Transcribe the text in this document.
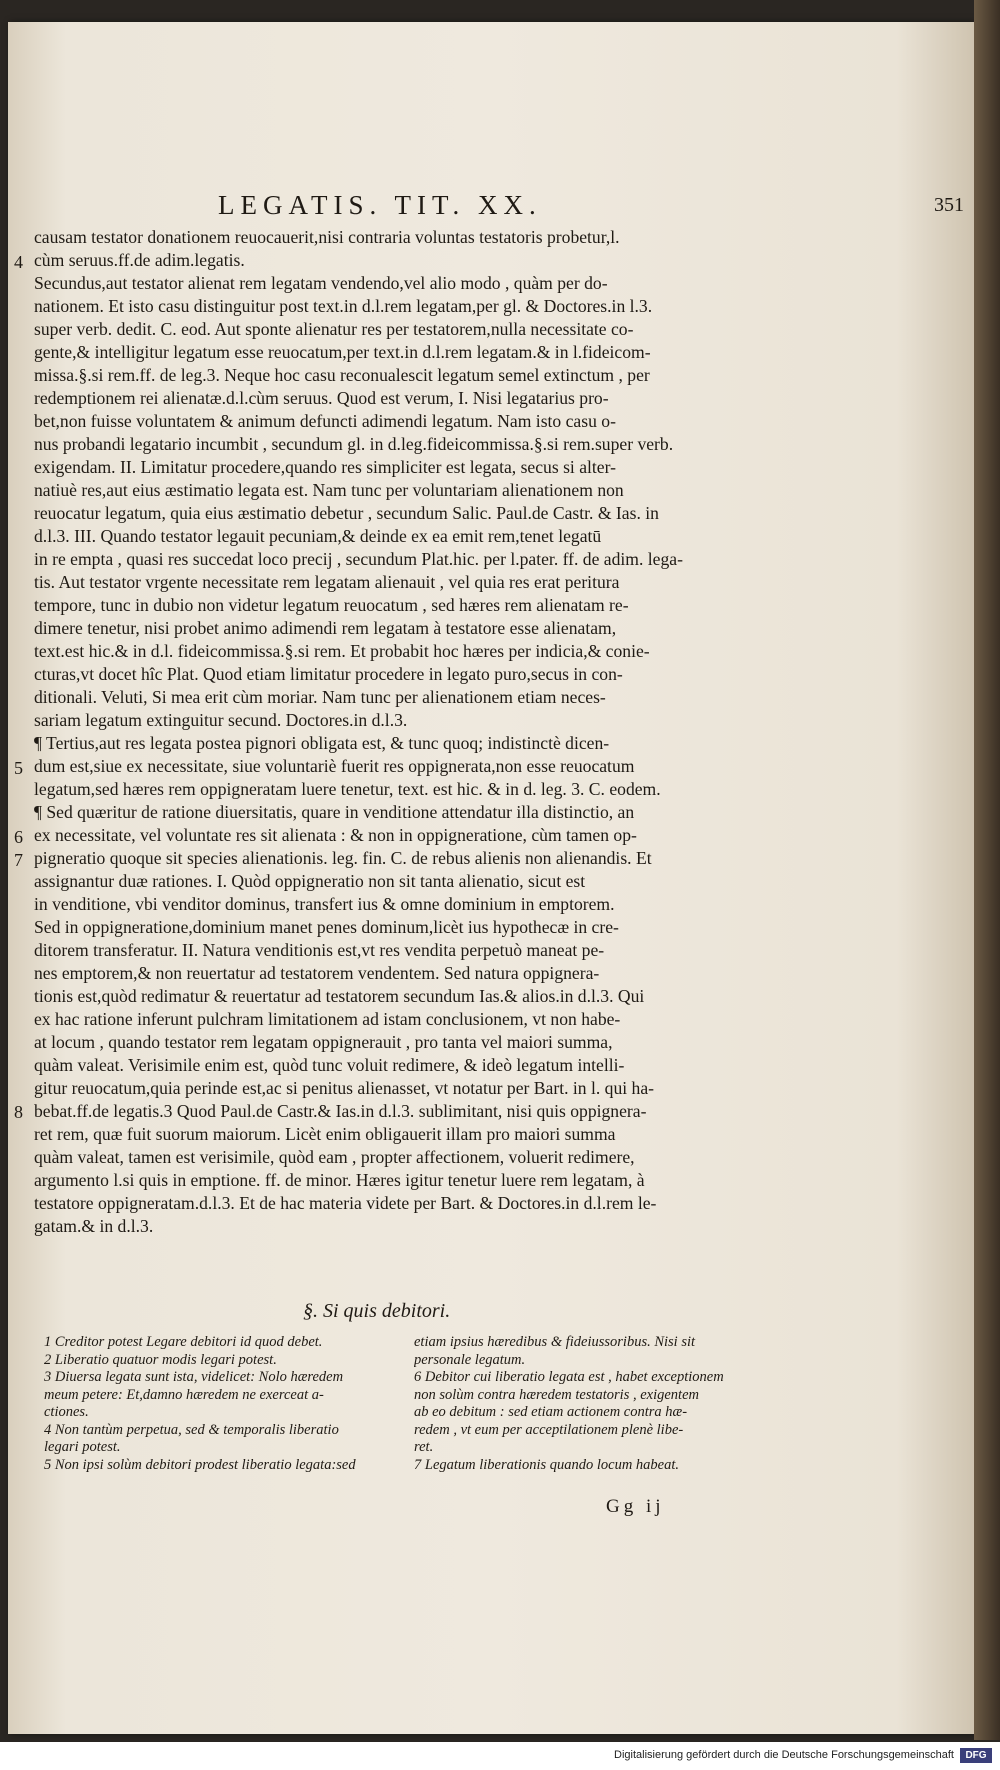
LEGATIS. TIT. XX.	351
4
5
6
7
8
causam testator donationem reuocauerit,nisi contraria voluntas testatoris probetur,l.
cùm seruus.ff.de adim.legatis.
Secundus,aut testator alienat rem legatam vendendo,vel alio modo , quàm per do-
nationem. Et isto casu distinguitur post text.in d.l.rem legatam,per gl. & Doctores.in l.3.
super verb. dedit. C. eod. Aut sponte alienatur res per testatorem,nulla necessitate co-
gente,& intelligitur legatum esse reuocatum,per text.in d.l.rem legatam.& in l.fideicom-
missa.§.si rem.ff. de leg.3. Neque hoc casu reconualescit legatum semel extinctum , per
redemptionem rei alienatæ.d.l.cùm seruus. Quod est verum, I. Nisi legatarius pro-
bet,non fuisse voluntatem & animum defuncti adimendi legatum. Nam isto casu o-
nus probandi legatario incumbit , secundum gl. in d.leg.fideicommissa.§.si rem.super verb.
exigendam. II. Limitatur procedere,quando res simpliciter est legata, secus si alter-
natiuè res,aut eius æstimatio legata est. Nam tunc per voluntariam alienationem non
reuocatur legatum, quia eius æstimatio debetur , secundum Salic. Paul.de Castr. & Ias. in
d.l.3. III. Quando testator legauit pecuniam,& deinde ex ea emit rem,tenet legatū
in re empta , quasi res succedat loco precij , secundum Plat.hic. per l.pater. ff. de adim. lega-
tis. Aut testator vrgente necessitate rem legatam alienauit , vel quia res erat peritura
tempore, tunc in dubio non videtur legatum reuocatum , sed hæres rem alienatam re-
dimere tenetur, nisi probet animo adimendi rem legatam à testatore esse alienatam,
text.est hic.& in d.l. fideicommissa.§.si rem. Et probabit hoc hæres per indicia,& conie-
cturas,vt docet hîc Plat. Quod etiam limitatur procedere in legato puro,secus in con-
ditionali. Veluti, Si mea erit cùm moriar. Nam tunc per alienationem etiam neces-
sariam legatum extinguitur secund. Doctores.in d.l.3.
¶ Tertius,aut res legata postea pignori obligata est, & tunc quoq; indistinctè dicen-
dum est,siue ex necessitate, siue voluntariè fuerit res oppignerata,non esse reuocatum
legatum,sed hæres rem oppigneratam luere tenetur, text. est hic. & in d. leg. 3. C. eodem.
¶ Sed quæritur de ratione diuersitatis, quare in venditione attendatur illa distinctio, an
ex necessitate, vel voluntate res sit alienata : & non in oppigneratione, cùm tamen op-
pigneratio quoque sit species alienationis. leg. fin. C. de rebus alienis non alienandis. Et
assignantur duæ rationes. I. Quòd oppigneratio non sit tanta alienatio, sicut est
in venditione, vbi venditor dominus, transfert ius & omne dominium in emptorem.
Sed in oppigneratione,dominium manet penes dominum,licèt ius hypothecæ in cre-
ditorem transferatur. II. Natura venditionis est,vt res vendita perpetuò maneat pe-
nes emptorem,& non reuertatur ad testatorem vendentem. Sed natura oppignera-
tionis est,quòd redimatur & reuertatur ad testatorem secundum Ias.& alios.in d.l.3. Qui
ex hac ratione inferunt pulchram limitationem ad istam conclusionem, vt non habe-
at locum , quando testator rem legatam oppignerauit , pro tanta vel maiori summa,
quàm valeat. Verisimile enim est, quòd tunc voluit redimere, & ideò legatum intelli-
gitur reuocatum,quia perinde est,ac si penitus alienasset, vt notatur per Bart. in l. qui ha-
bebat.ff.de legatis.3 Quod Paul.de Castr.& Ias.in d.l.3. sublimitant, nisi quis oppignera-
ret rem, quæ fuit suorum maiorum. Licèt enim obligauerit illam pro maiori summa
quàm valeat, tamen est verisimile, quòd eam , propter affectionem, voluerit redimere,
argumento l.si quis in emptione. ff. de minor. Hæres igitur tenetur luere rem legatam, à
testatore oppigneratam.d.l.3. Et de hac materia videte per Bart. & Doctores.in d.l.rem le-
gatam.& in d.l.3.
§. Si quis debitori.
1 Creditor potest Legare debitori id quod debet.
2 Liberatio quatuor modis legari potest.
3 Diuersa legata sunt ista, videlicet: Nolo hæredem
meum petere: Et,damno hæredem ne exerceat a-
ctiones.
4 Non tantùm perpetua, sed & temporalis liberatio
legari potest.
5 Non ipsi solùm debitori prodest liberatio legata:sed
etiam ipsius hæredibus & fideiussoribus. Nisi sit
personale legatum.
6 Debitor cui liberatio legata est , habet exceptionem
non solùm contra hæredem testatoris , exigentem
ab eo debitum : sed etiam actionem contra hæ-
redem , vt eum per acceptilationem plenè libe-
ret.
7 Legatum liberationis quando locum habeat.
Gg ij
Digitalisierung gefördert durch die Deutsche Forschungsgemeinschaft	DFG
